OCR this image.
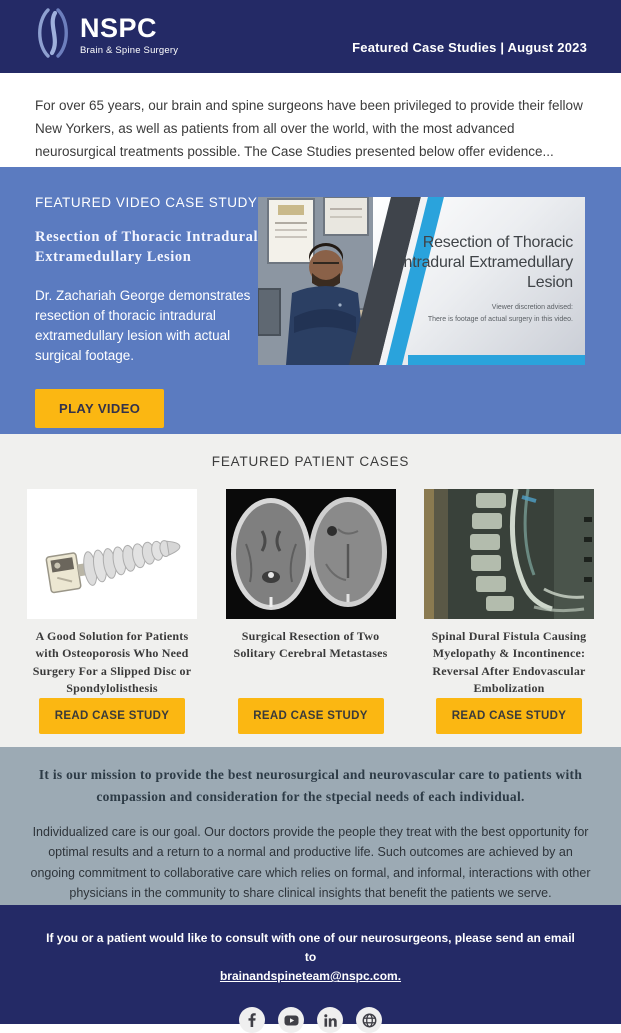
NSPC
Brain & Spine Surgery	Featured Case Studies | August 2023

For over 65 years, our brain and spine surgeons have been privileged to provide their fellow New Yorkers, as well as patients from all over the world, with the most advanced neurosurgical treatments possible. The Case Studies presented below offer evidence...

FEATURED VIDEO CASE STUDY
Resection of Thoracic Intradural Extramedullary Lesion
Dr. Zachariah George demonstrates resection of thoracic intradural extramedullary lesion with actual surgical footage.
PLAY VIDEO
Resection of Thoracic Intradural Extramedullary Lesion
Viewer discretion advised:
There is footage of actual surgery in this video.
FEATURED PATIENT CASES
A Good Solution for Patients with Osteoporosis Who Need Surgery For a Slipped Disc or Spondylolisthesis
READ CASE STUDY
Surgical Resection of Two Solitary Cerebral Metastases
READ CASE STUDY
Spinal Dural Fistula Causing Myelopathy & Incontinence: Reversal After Endovascular Embolization
READ CASE STUDY
It is our mission to provide the best neurosurgical and neurovascular care to patients with compassion and consideration for the stpecial needs of each individual.
Individualized care is our goal. Our doctors provide the people they treat with the best opportunity for optimal results and a return to a normal and productive life. Such outcomes are achieved by an ongoing commitment to collaborative care which relies on formal, and informal, interactions with other physicians in the community to share clinical insights that benefit the patients we serve.
If you or a patient would like to consult with one of our neurosurgeons, please send an email to
brainandspineteam@nspc.com.
